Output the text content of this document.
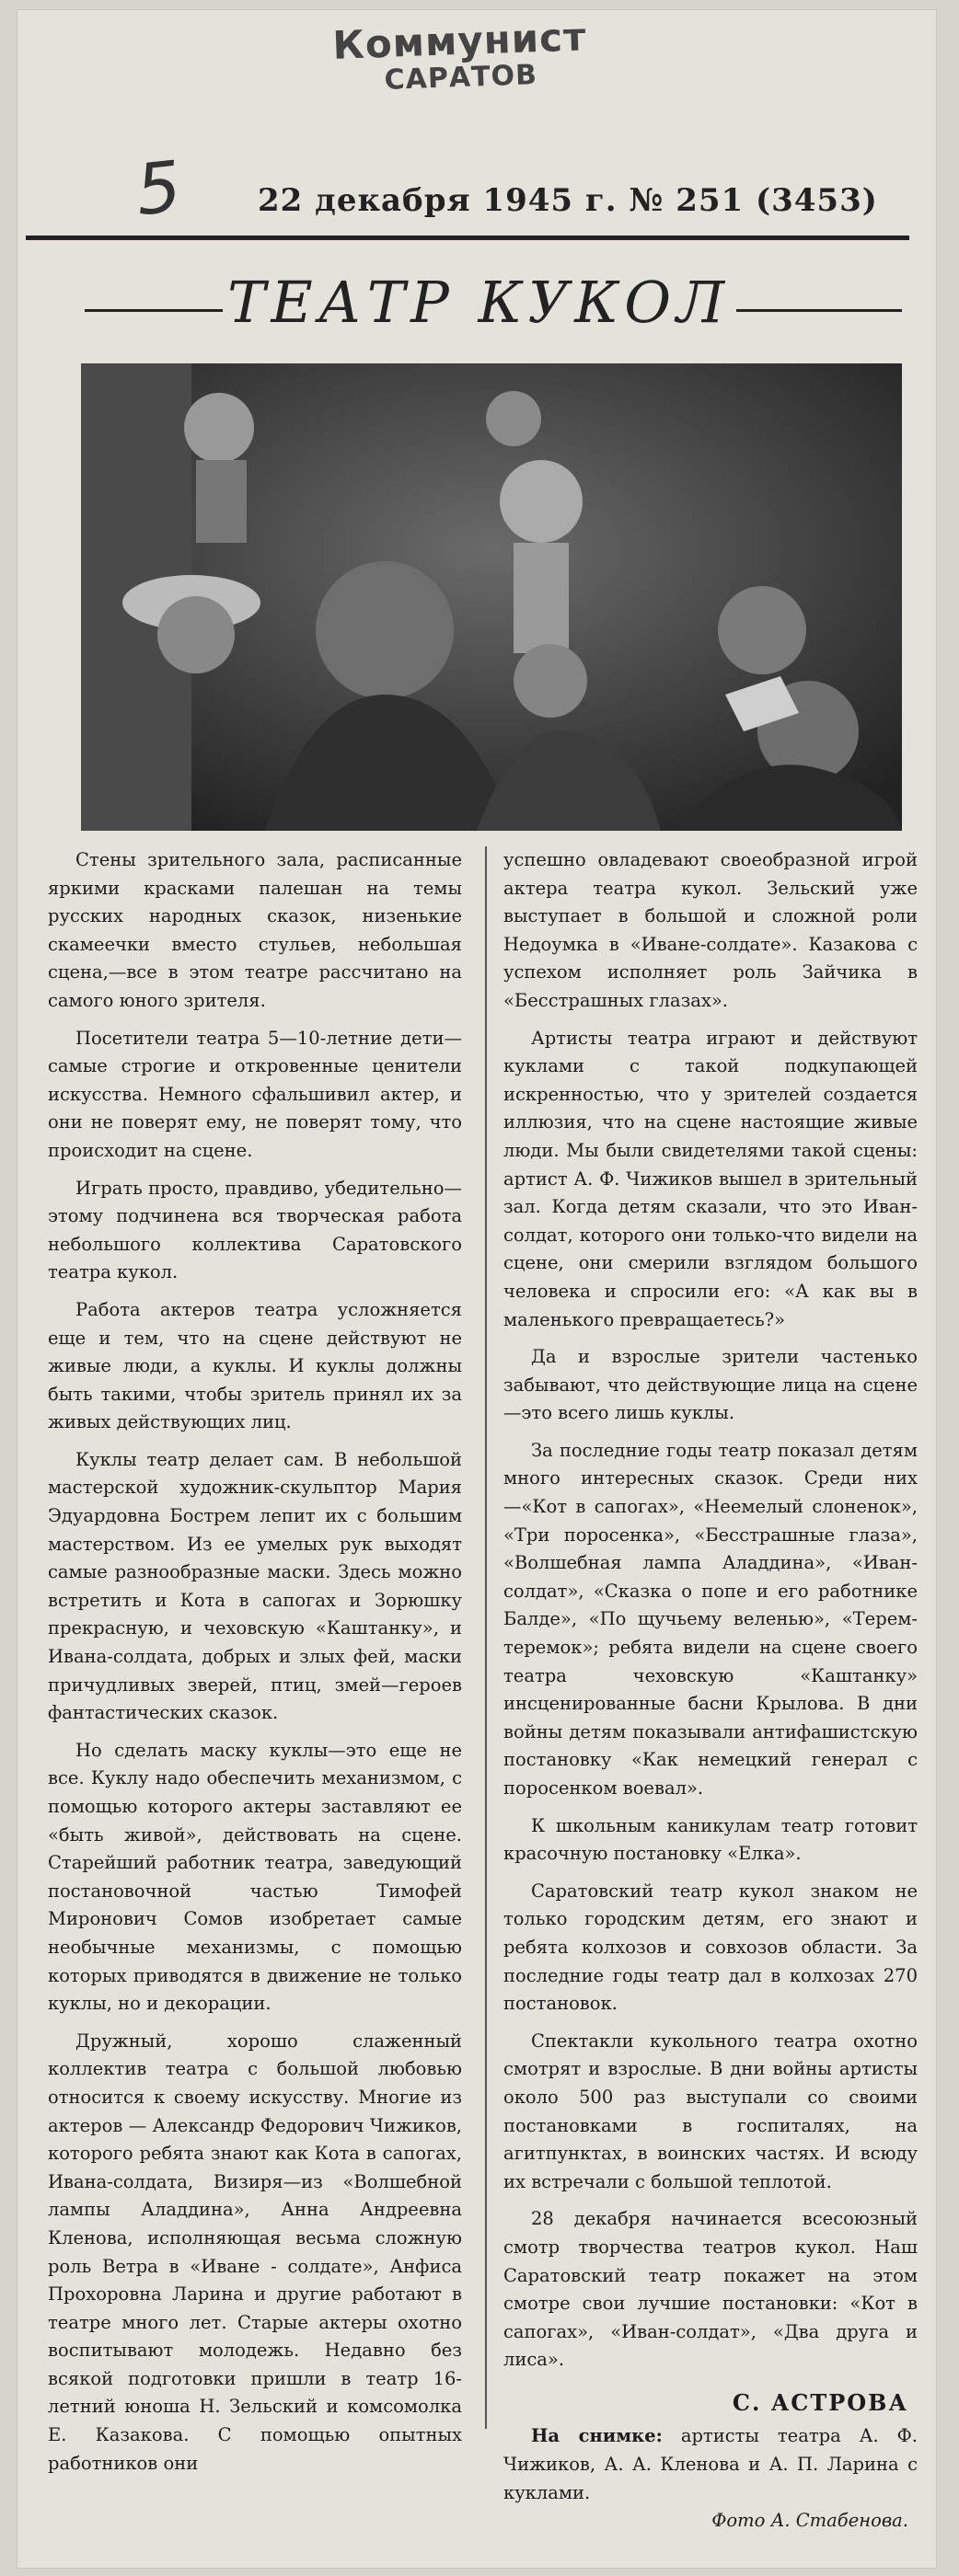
Коммунист
САРАТОВ
5 22 декабря 1945 г. № 251 (3453)
ТЕАТР КУКОЛ

Стены зрительного зала, расписанные яркими красками палешан на темы русских народных сказок, низенькие скамеечки вместо стульев, небольшая сцена,—все в этом театре рассчитано на самого юного зрителя.

Посетители театра 5—10-летние дети—самые строгие и откровенные ценители искусства. Немного сфальшивил актер, и они не поверят ему, не поверят тому, что происходит на сцене.

Играть просто, правдиво, убедительно—этому подчинена вся творческая работа небольшого коллектива Саратовского театра кукол.

Работа актеров театра усложняется еще и тем, что на сцене действуют не живые люди, а куклы. И куклы должны быть такими, чтобы зритель принял их за живых действующих лиц.

Куклы театр делает сам. В небольшой мастерской художник-скульптор Мария Эдуардовна Бострем лепит их с большим мастерством. Из ее умелых рук выходят самые разнообразные маски. Здесь можно встретить и Кота в сапогах и Зорюшку прекрасную, и чеховскую «Каштанку», и Ивана-солдата, добрых и злых фей, маски причудливых зверей, птиц, змей—героев фантастических сказок.

Но сделать маску куклы—это еще не все. Куклу надо обеспечить механизмом, с помощью которого актеры заставляют ее «быть живой», действовать на сцене. Старейший работник театра, заведующий постановочной частью Тимофей Миронович Сомов изобретает самые необычные механизмы, с помощью которых приводятся в движение не только куклы, но и декорации.

Дружный, хорошо слаженный коллектив театра с большой любовью относится к своему искусству. Многие из актеров — Александр Федорович Чижиков, которого ребята знают как Кота в сапогах, Ивана-солдата, Визиря—из «Волшебной лампы Аладдина», Анна Андреевна Кленова, исполняющая весьма сложную роль Ветра в «Иване - солдате», Анфиса Прохоровна Ларина и другие работают в театре много лет. Старые актеры охотно воспитывают молодежь. Недавно без всякой подготовки пришли в театр 16-летний юноша Н. Зельский и комсомолка Е. Казакова. С помощью опытных работников они

успешно овладевают своеобразной игрой актера театра кукол. Зельский уже выступает в большой и сложной роли Недоумка в «Иване-солдате». Казакова с успехом исполняет роль Зайчика в «Бесстрашных глазах».

Артисты театра играют и действуют куклами с такой подкупающей искренностью, что у зрителей создается иллюзия, что на сцене настоящие живые люди. Мы были свидетелями такой сцены: артист А. Ф. Чижиков вышел в зрительный зал. Когда детям сказали, что это Иван-солдат, которого они только-что видели на сцене, они смерили взглядом большого человека и спросили его: «А как вы в маленького превращаетесь?»

Да и взрослые зрители частенько забывают, что действующие лица на сцене—это всего лишь куклы.

За последние годы театр показал детям много интересных сказок. Среди них—«Кот в сапогах», «Неемелый слоненок», «Три поросенка», «Бесстрашные глаза», «Волшебная лампа Аладдина», «Иван-солдат», «Сказка о попе и его работнике Балде», «По щучьему веленью», «Терем-теремок»; ребята видели на сцене своего театра чеховскую «Каштанку» инсценированные басни Крылова. В дни войны детям показывали антифашистскую постановку «Как немецкий генерал с поросенком воевал».

К школьным каникулам театр готовит красочную постановку «Елка».

Саратовский театр кукол знаком не только городским детям, его знают и ребята колхозов и совхозов области. За последние годы театр дал в колхозах 270 постановок.

Спектакли кукольного театра охотно смотрят и взрослые. В дни войны артисты около 500 раз выступали со своими постановками в госпиталях, на агитпунктах, в воинских частях. И всюду их встречали с большой теплотой.

28 декабря начинается всесоюзный смотр творчества театров кукол. Наш Саратовский театр покажет на этом смотре свои лучшие постановки: «Кот в сапогах», «Иван-солдат», «Два друга и лиса».

С. АСТРОВА

На снимке: артисты театра А. Ф. Чижиков, А. А. Кленова и А. П. Ларина с куклами.

Фото А. Стабенова.
